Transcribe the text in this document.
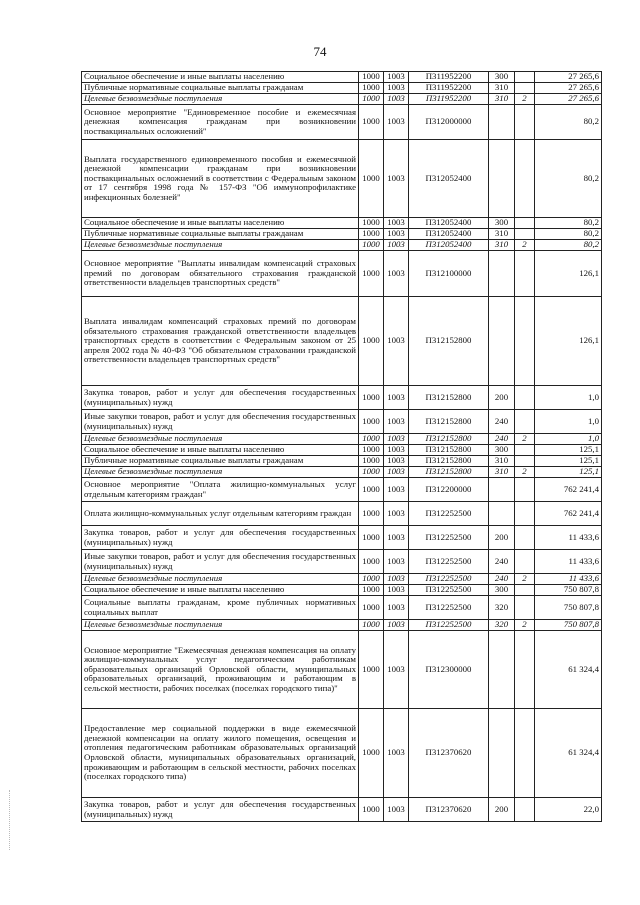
74
Социальное обеспечение и иные выплаты населению	1000	1003	П311952200	300		27 265,6
Публичные нормативные социальные выплаты гражданам	1000	1003	П311952200	310		27 265,6
Целевые безвозмездные поступления	1000	1003	П311952200	310	2	27 265,6
Основное мероприятие "Единовременное пособие и ежемесячная денежная компенсация гражданам при возникновении поствакцинальных осложнений"	1000	1003	П312000000			80,2
Выплата государственного единовременного пособия и ежемесячной денежной компенсации гражданам при возникновении поствакцинальных осложнений в соответствии с Федеральным законом от 17 сентября 1998 года № 157-ФЗ "Об иммунопрофилактике инфекционных болезней"	1000	1003	П312052400			80,2
Социальное обеспечение и иные выплаты населению	1000	1003	П312052400	300		80,2
Публичные нормативные социальные выплаты гражданам	1000	1003	П312052400	310		80,2
Целевые безвозмездные поступления	1000	1003	П312052400	310	2	80,2
Основное мероприятие "Выплаты инвалидам компенсаций страховых премий по договорам обязательного страхования гражданской ответственности владельцев транспортных средств"	1000	1003	П312100000			126,1
Выплата инвалидам компенсаций страховых премий по договорам обязательного страхования гражданской ответственности владельцев транспортных средств в соответствии с Федеральным законом от 25 апреля 2002 года № 40-ФЗ "Об обязательном страховании гражданской ответственности владельцев транспортных средств"	1000	1003	П312152800			126,1
Закупка товаров, работ и услуг для обеспечения государственных (муниципальных) нужд	1000	1003	П312152800	200		1,0
Иные закупки товаров, работ и услуг для обеспечения государственных (муниципальных) нужд	1000	1003	П312152800	240		1,0
Целевые безвозмездные поступления	1000	1003	П312152800	240	2	1,0
Социальное обеспечение и иные выплаты населению	1000	1003	П312152800	300		125,1
Публичные нормативные социальные выплаты гражданам	1000	1003	П312152800	310		125,1
Целевые безвозмездные поступления	1000	1003	П312152800	310	2	125,1
Основное мероприятие "Оплата жилищно-коммунальных услуг отдельным категориям граждан"	1000	1003	П312200000			762 241,4
Оплата жилищно-коммунальных услуг отдельным категориям граждан	1000	1003	П312252500			762 241,4
Закупка товаров, работ и услуг для обеспечения государственных (муниципальных) нужд	1000	1003	П312252500	200		11 433,6
Иные закупки товаров, работ и услуг для обеспечения государственных (муниципальных) нужд	1000	1003	П312252500	240		11 433,6
Целевые безвозмездные поступления	1000	1003	П312252500	240	2	11 433,6
Социальное обеспечение и иные выплаты населению	1000	1003	П312252500	300		750 807,8
Социальные выплаты гражданам, кроме публичных нормативных социальных выплат	1000	1003	П312252500	320		750 807,8
Целевые безвозмездные поступления	1000	1003	П312252500	320	2	750 807,8
Основное мероприятие "Ежемесячная денежная компенсация на оплату жилищно-коммунальных услуг педагогическим работникам образовательных организаций Орловской области, муниципальных образовательных организаций, проживающим и работающим в сельской местности, рабочих поселках (поселках городского типа)"	1000	1003	П312300000			61 324,4
Предоставление мер социальной поддержки в виде ежемесячной денежной компенсации на оплату жилого помещения, освещения и отопления педагогическим работникам образовательных организаций Орловской области, муниципальных образовательных организаций, проживающим и работающим в сельской местности, рабочих поселках (поселках городского типа)	1000	1003	П312370620			61 324,4
Закупка товаров, работ и услуг для обеспечения государственных (муниципальных) нужд	1000	1003	П312370620	200		22,0
